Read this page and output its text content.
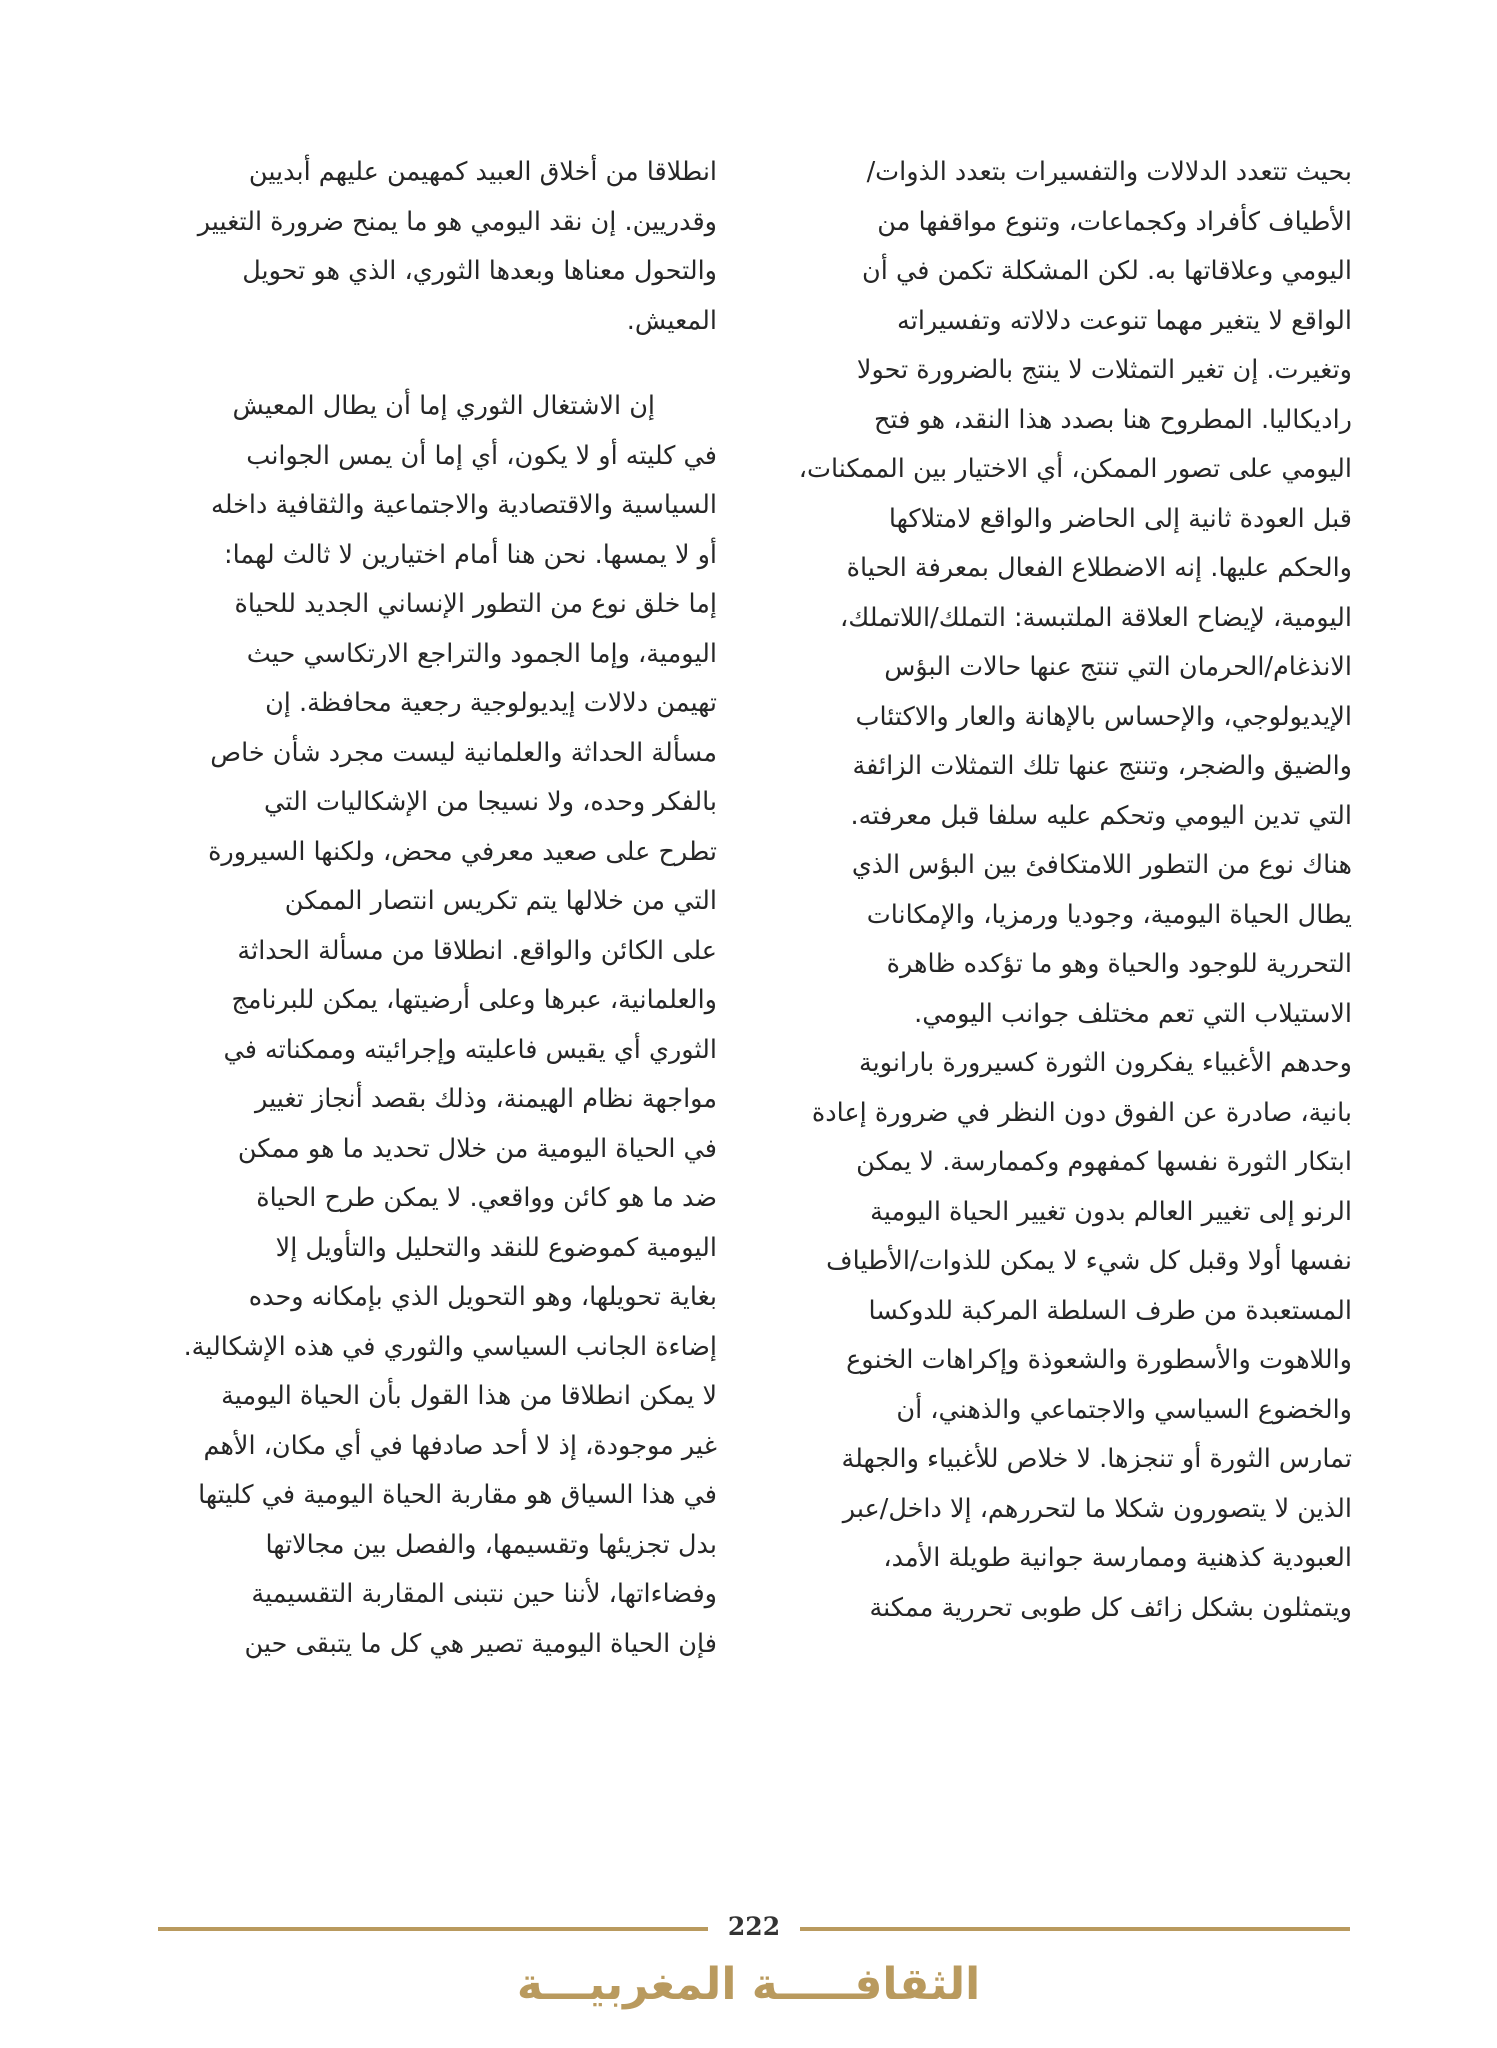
بحيث تتعدد الدلالات والتفسيرات بتعدد الذوات/
الأطياف كأفراد وكجماعات، وتنوع مواقفها من
اليومي وعلاقاتها به. لكن المشكلة تكمن في أن
الواقع لا يتغير مهما تنوعت دلالاته وتفسيراته
وتغيرت. إن تغير التمثلات لا ينتج بالضرورة تحولا
راديكاليا. المطروح هنا بصدد هذا النقد، هو فتح
اليومي على تصور الممكن، أي الاختيار بين الممكنات،
قبل العودة ثانية إلى الحاضر والواقع لامتلاكها
والحكم عليها. إنه الاضطلاع الفعال بمعرفة الحياة
اليومية، لإيضاح العلاقة الملتبسة: التملك/اللاتملك،
الانذغام/الحرمان التي تنتج عنها حالات البؤس
الإيديولوجي، والإحساس بالإهانة والعار والاكتئاب
والضيق والضجر، وتنتج عنها تلك التمثلات الزائفة
التي تدين اليومي وتحكم عليه سلفا قبل معرفته.
هناك نوع من التطور اللامتكافئ بين البؤس الذي
يطال الحياة اليومية، وجوديا ورمزيا، والإمكانات
التحررية للوجود والحياة وهو ما تؤكده ظاهرة
الاستيلاب التي تعم مختلف جوانب اليومي.
وحدهم الأغبياء يفكرون الثورة كسيرورة بارانوية
بانية، صادرة عن الفوق دون النظر في ضرورة إعادة
ابتكار الثورة نفسها كمفهوم وكممارسة. لا يمكن
الرنو إلى تغيير العالم بدون تغيير الحياة اليومية
نفسها أولا وقبل كل شيء لا يمكن للذوات/الأطياف
المستعبدة من طرف السلطة المركبة للدوكسا
واللاهوت والأسطورة والشعوذة وإكراهات الخنوع
والخضوع السياسي والاجتماعي والذهني، أن
تمارس الثورة أو تنجزها. لا خلاص للأغبياء والجهلة
الذين لا يتصورون شكلا ما لتحررهم، إلا داخل/عبر
العبودية كذهنية وممارسة جوانية طويلة الأمد،
ويتمثلون بشكل زائف كل طوبى تحررية ممكنة
انطلاقا من أخلاق العبيد كمهيمن عليهم أبديين
وقدريين. إن نقد اليومي هو ما يمنح ضرورة التغيير
والتحول معناها وبعدها الثوري، الذي هو تحويل
المعيش.
إن الاشتغال الثوري إما أن يطال المعيش
في كليته أو لا يكون، أي إما أن يمس الجوانب
السياسية والاقتصادية والاجتماعية والثقافية داخله
أو لا يمسها. نحن هنا أمام اختيارين لا ثالث لهما:
إما خلق نوع من التطور الإنساني الجديد للحياة
اليومية، وإما الجمود والتراجع الارتكاسي حيث
تهيمن دلالات إيديولوجية رجعية محافظة. إن
مسألة الحداثة والعلمانية ليست مجرد شأن خاص
بالفكر وحده، ولا نسيجا من الإشكاليات التي
تطرح على صعيد معرفي محض، ولكنها السيرورة
التي من خلالها يتم تكريس انتصار الممكن
على الكائن والواقع. انطلاقا من مسألة الحداثة
والعلمانية، عبرها وعلى أرضيتها، يمكن للبرنامج
الثوري أي يقيس فاعليته وإجرائيته وممكناته في
مواجهة نظام الهيمنة، وذلك بقصد أنجاز تغيير
في الحياة اليومية من خلال تحديد ما هو ممكن
ضد ما هو كائن وواقعي. لا يمكن طرح الحياة
اليومية كموضوع للنقد والتحليل والتأويل إلا
بغاية تحويلها، وهو التحويل الذي بإمكانه وحده
إضاءة الجانب السياسي والثوري في هذه الإشكالية.
لا يمكن انطلاقا من هذا القول بأن الحياة اليومية
غير موجودة، إذ لا أحد صادفها في أي مكان، الأهم
في هذا السياق هو مقاربة الحياة اليومية في كليتها
بدل تجزيئها وتقسيمها، والفصل بين مجالاتها
وفضاءاتها، لأننا حين نتبنى المقاربة التقسيمية
فإن الحياة اليومية تصير هي كل ما يتبقى حين
222
الثقافـــــة المغربيـــة
